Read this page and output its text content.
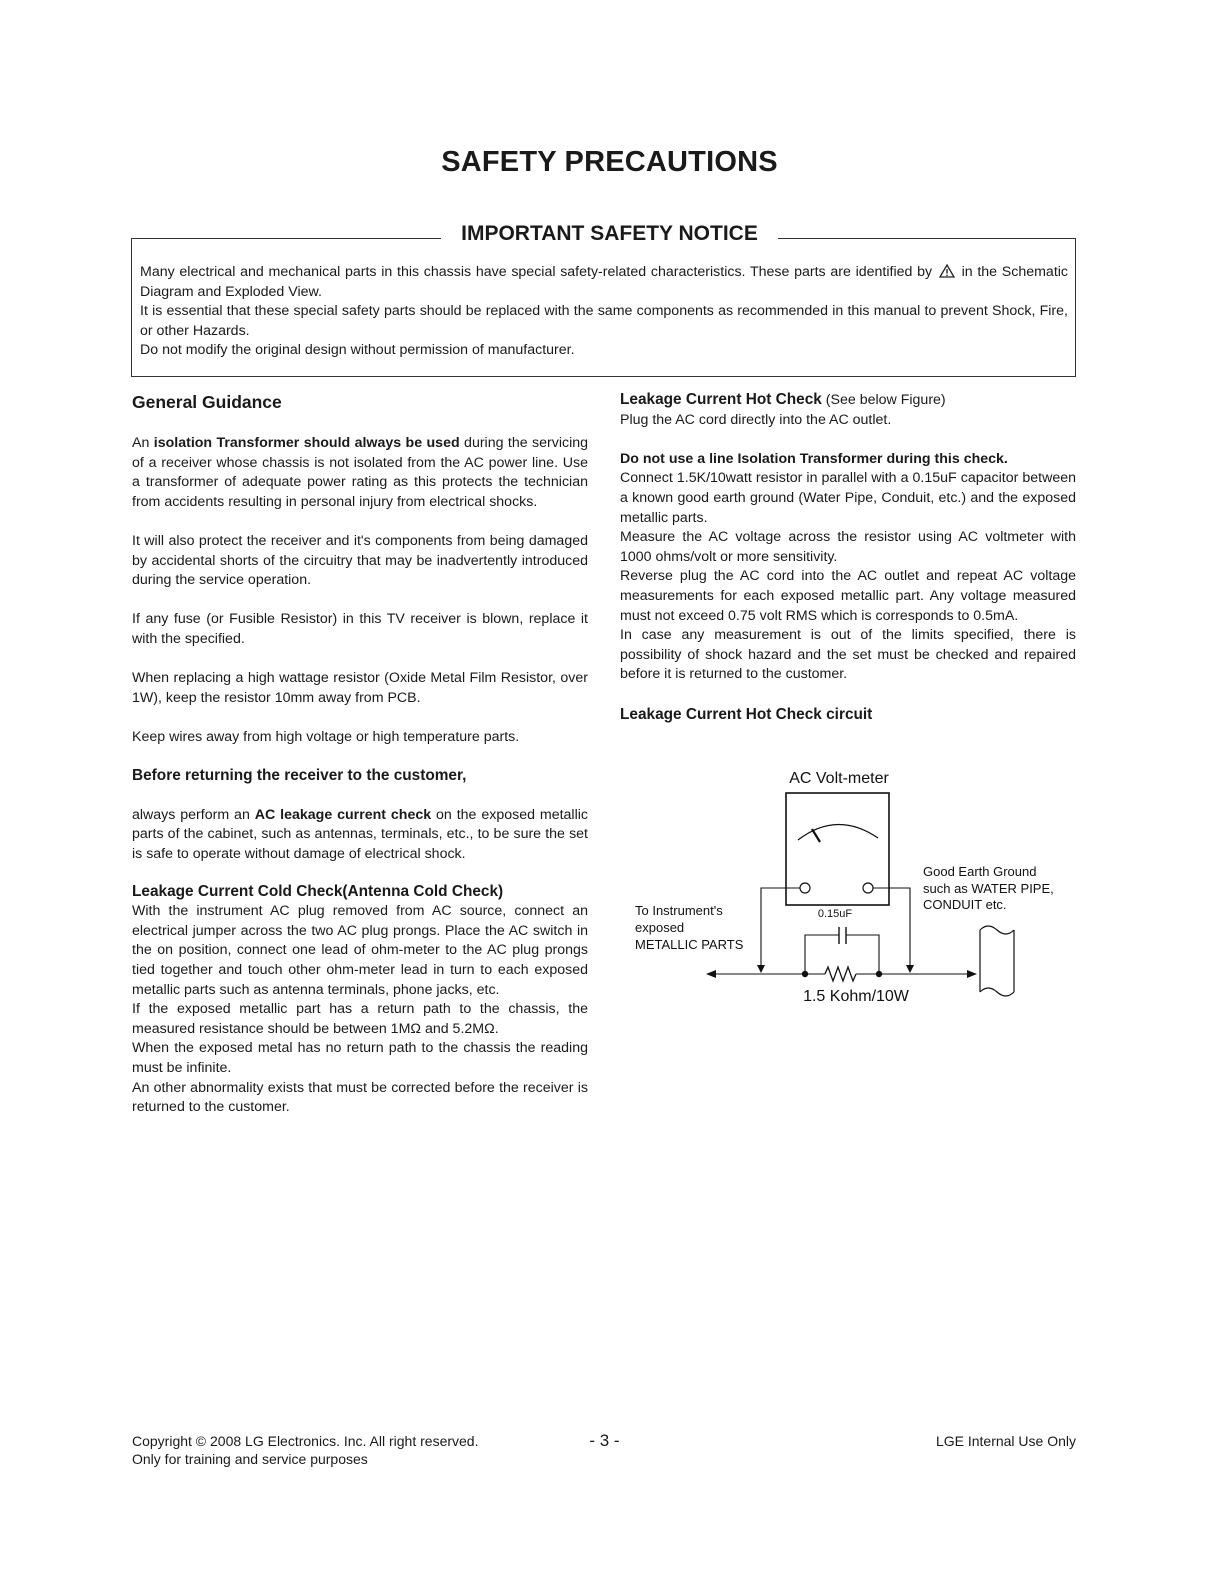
SAFETY PRECAUTIONS
IMPORTANT SAFETY NOTICE
Many electrical and mechanical parts in this chassis have special safety-related characteristics. These parts are identified by in the Schematic Diagram and Exploded View.
It is essential that these special safety parts should be replaced with the same components as recommended in this manual to prevent Shock, Fire, or other Hazards.
Do not modify the original design without permission of manufacturer.

General Guidance

An isolation Transformer should always be used during the servicing of a receiver whose chassis is not isolated from the AC power line. Use a transformer of adequate power rating as this protects the technician from accidents resulting in personal injury from electrical shocks.

It will also protect the receiver and it's components from being damaged by accidental shorts of the circuitry that may be inadvertently introduced during the service operation.

If any fuse (or Fusible Resistor) in this TV receiver is blown, replace it with the specified.

When replacing a high wattage resistor (Oxide Metal Film Resistor, over 1W), keep the resistor 10mm away from PCB.

Keep wires away from high voltage or high temperature parts.

Before returning the receiver to the customer,

always perform an AC leakage current check on the exposed metallic parts of the cabinet, such as antennas, terminals, etc., to be sure the set is safe to operate without damage of electrical shock.

Leakage Current Cold Check(Antenna Cold Check)

With the instrument AC plug removed from AC source, connect an electrical jumper across the two AC plug prongs. Place the AC switch in the on position, connect one lead of ohm-meter to the AC plug prongs tied together and touch other ohm-meter lead in turn to each exposed metallic parts such as antenna terminals, phone jacks, etc.

If the exposed metallic part has a return path to the chassis, the measured resistance should be between 1MΩ and 5.2MΩ.

When the exposed metal has no return path to the chassis the reading must be infinite.

An other abnormality exists that must be corrected before the receiver is returned to the customer.

Leakage Current Hot Check (See below Figure)

Plug the AC cord directly into the AC outlet.

Do not use a line Isolation Transformer during this check.

Connect 1.5K/10watt resistor in parallel with a 0.15uF capacitor between a known good earth ground (Water Pipe, Conduit, etc.) and the exposed metallic parts.

Measure the AC voltage across the resistor using AC voltmeter with 1000 ohms/volt or more sensitivity.

Reverse plug the AC cord into the AC outlet and repeat AC voltage measurements for each exposed metallic part. Any voltage measured must not exceed 0.75 volt RMS which is corresponds to 0.5mA.

In case any measurement is out of the limits specified, there is possibility of shock hazard and the set must be checked and repaired before it is returned to the customer.

Leakage Current Hot Check circuit

AC Volt-meter
0.15uF
1.5 Kohm/10W
To Instrument's
exposed
METALLIC PARTS
Good Earth Ground
such as WATER PIPE,
CONDUIT etc.
Copyright © 2008 LG Electronics. Inc. All right reserved.
Only for training and service purposes
- 3 -	LGE Internal Use Only
